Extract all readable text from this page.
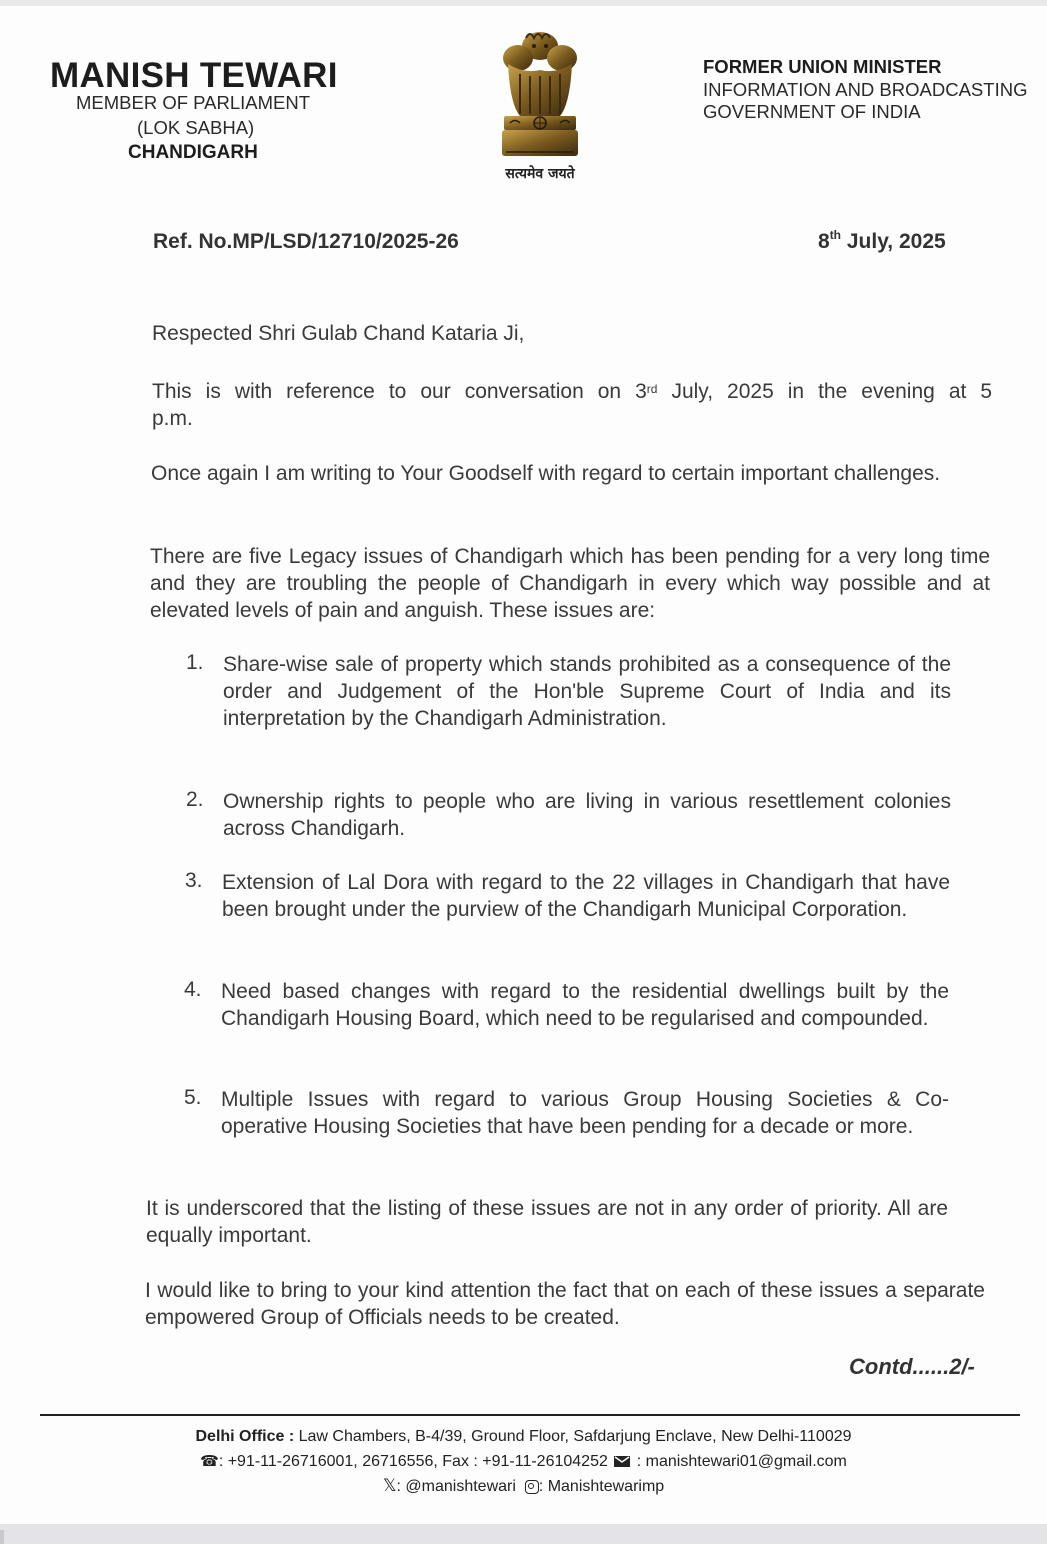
MANISH TEWARI
MEMBER OF PARLIAMENT
(LOK SABHA)
CHANDIGARH
सत्यमेव जयते
FORMER UNION MINISTER
INFORMATION AND BROADCASTING
GOVERNMENT OF INDIA
Ref. No.MP/LSD/12710/2025-26	8th July, 2025
Respected Shri Gulab Chand Kataria Ji,
This is with reference to our conversation on 3rd July, 2025 in the evening at 5
p.m.
Once again I am writing to Your Goodself with regard to certain important challenges.
There are five Legacy issues of Chandigarh which has been pending for a very long time and they are troubling the people of Chandigarh in every which way possible and at elevated levels of pain and anguish. These issues are:
1. Share-wise sale of property which stands prohibited as a consequence of the order and Judgement of the Hon'ble Supreme Court of India and its interpretation by the Chandigarh Administration.
2. Ownership rights to people who are living in various resettlement colonies across Chandigarh.
3. Extension of Lal Dora with regard to the 22 villages in Chandigarh that have been brought under the purview of the Chandigarh Municipal Corporation.
4. Need based changes with regard to the residential dwellings built by the Chandigarh Housing Board, which need to be regularised and compounded.
5. Multiple Issues with regard to various Group Housing Societies & Co-operative Housing Societies that have been pending for a decade or more.
It is underscored that the listing of these issues are not in any order of priority. All are equally important.
I would like to bring to your kind attention the fact that on each of these issues a separate empowered Group of Officials needs to be created.
Contd......2/-
Delhi Office : Law Chambers, B-4/39, Ground Floor, Safdarjung Enclave, New Delhi-110029
☎: +91-11-26716001, 26716556, Fax : +91-11-26104252
: manishtewari01@gmail.com
𝕏: @manishtewari : Manishtewarimp
